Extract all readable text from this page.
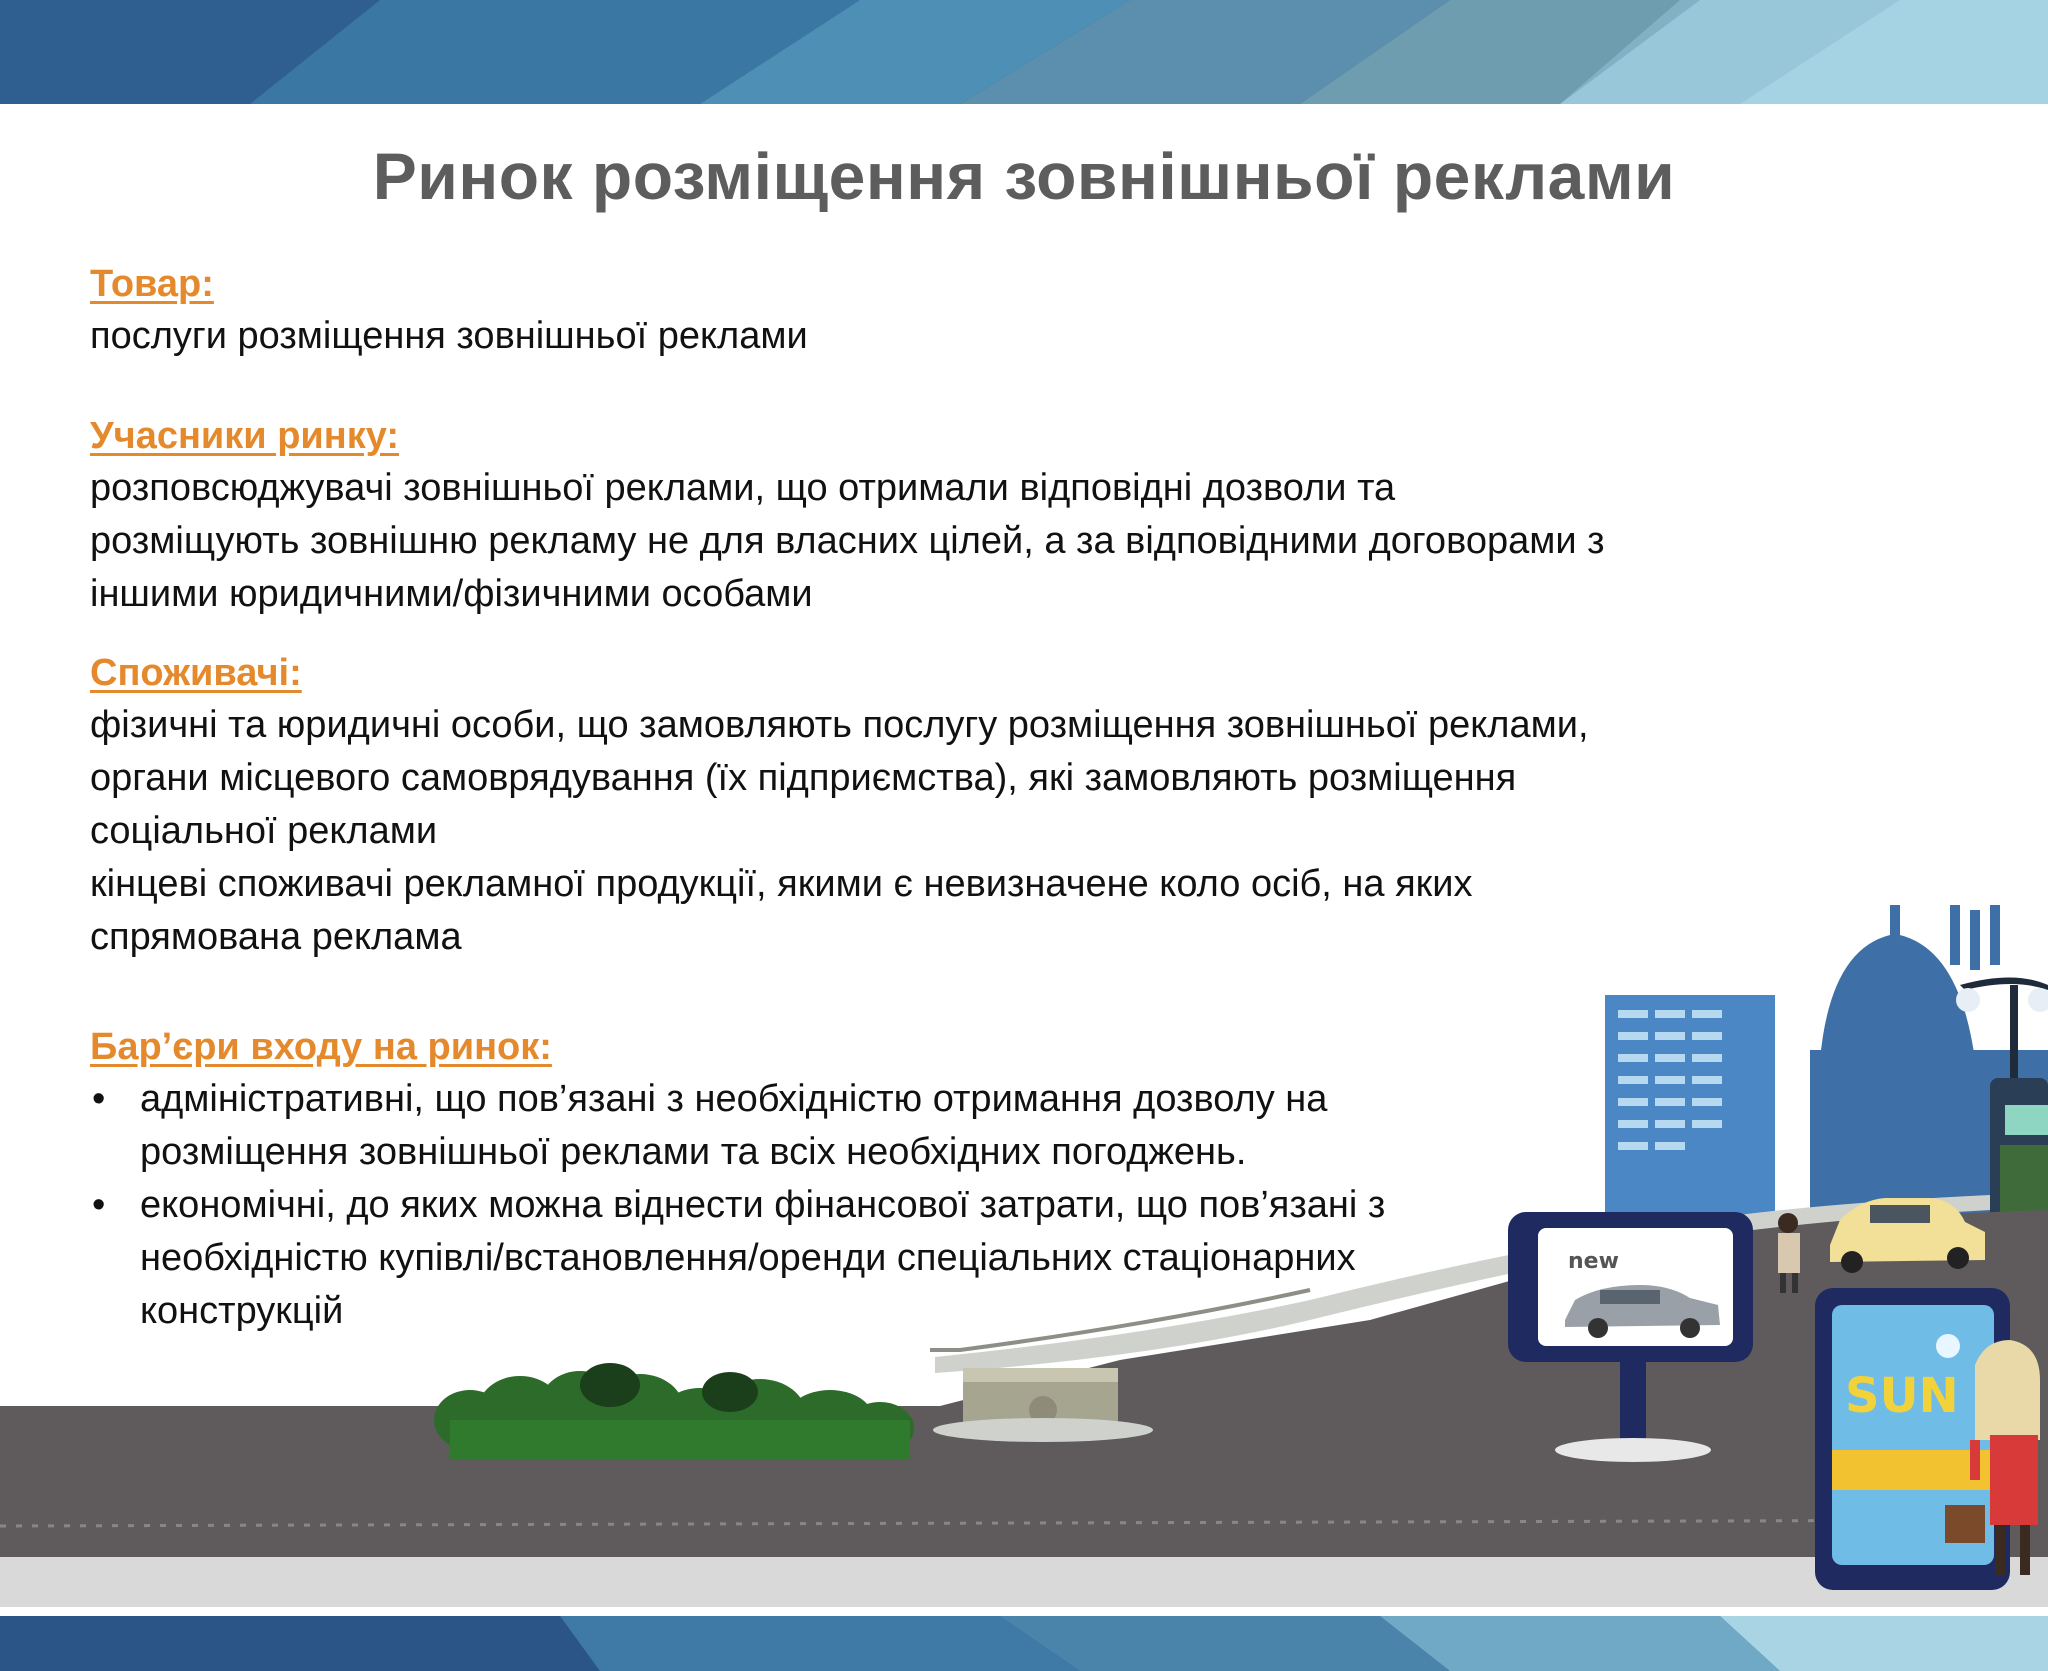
Ринок розміщення зовнішньої реклами

Товар:

послуги розміщення зовнішньої реклами

Учасники ринку:

розповсюджувачі зовнішньої реклами, що отримали відповідні дозволи та

розміщують зовнішню рекламу не для власних цілей, а за відповідними договорами з

іншими юридичними/фізичними особами

Споживачі:

фізичні та юридичні особи, що замовляють послугу розміщення зовнішньої реклами,

органи місцевого самоврядування (їх підприємства), які замовляють розміщення

соціальної реклами

кінцеві споживачі рекламної продукції, якими є невизначене коло осіб, на яких

спрямована реклама

Бар’єри входу на ринок:

• адміністративні, що пов’язані з необхідністю отримання дозволу на
розміщення зовнішньої реклами та всіх необхідних погоджень.
• економічні, до яких можна віднести фінансової затрати, що пов’язані з
необхідністю купівлі/встановлення/оренди спеціальних стаціонарних
конструкцій
new
SUN
